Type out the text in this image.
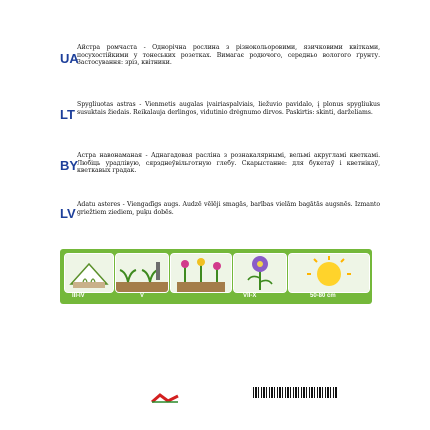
UA
Айстра ромчаста - Однорічна рослина з різнокольоровими, язичковими квітками, посухостійкими у тонеських розетках. Вимагає родючого, середньо вологого ґрунту. Застосування: зріз, квітники.
LT
Spygliuotas astras - Vienmetis augalas įvairiaspalviais, liežuvio pavidalo, į plonus spygliukus susuktais žiedais. Reikalauja derlingos, vidutinio drėgnumo dirvos. Paskirtis: skinti, darželiams.
BY
Астра навонаманая - Аднагадовая расліна з рознакалярнымі, вельмі акругламі кветкамі. Любіць урадлівую, сярэднеўвільготную глебу. Скарыстанне: для букетаў і кветнікаў, кветкавых градак.
LV
Adatu asteres - Viengadīgs augs. Audzē vēlēji smagās, barības vielām bagātās augsnēs. Izmanto griežtiem ziediem, puķu dobēs.
III-IV	V	VII-X	50-80 cm
